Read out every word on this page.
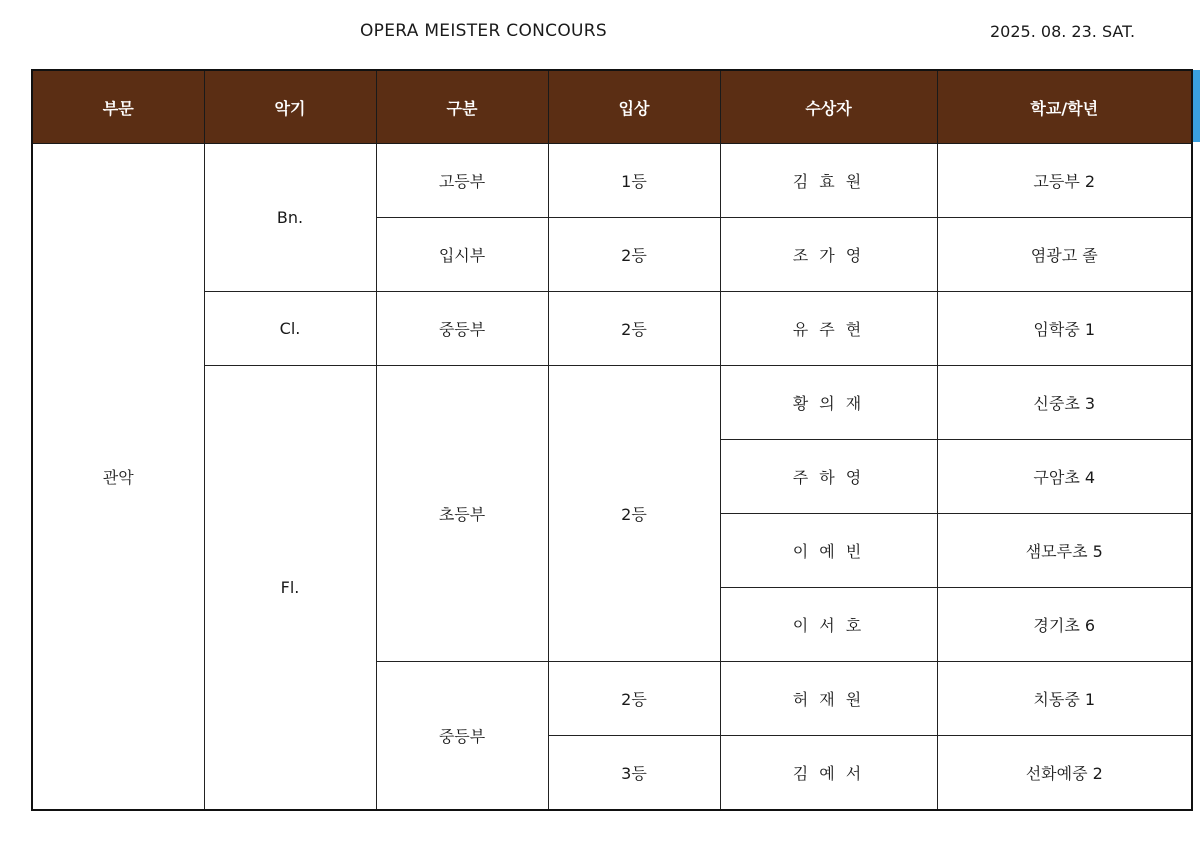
OPERA MEISTER CONCOURS	2025. 08. 23. SAT.
부문	악기	구분	입상	수상자	학교/학년
관악	Bn.	고등부	1등	김 효 원	고등부 2
		입시부	2등	조 가 영	염광고 졸
	Cl.	중등부	2등	유 주 현	임학중 1
	Fl.	초등부	2등	황 의 재	신중초 3
				주 하 영	구암초 4
				이 예 빈	샘모루초 5
				이 서 호	경기초 6
		중등부	2등	허 재 원	치동중 1
			3등	김 예 서	선화예중 2
